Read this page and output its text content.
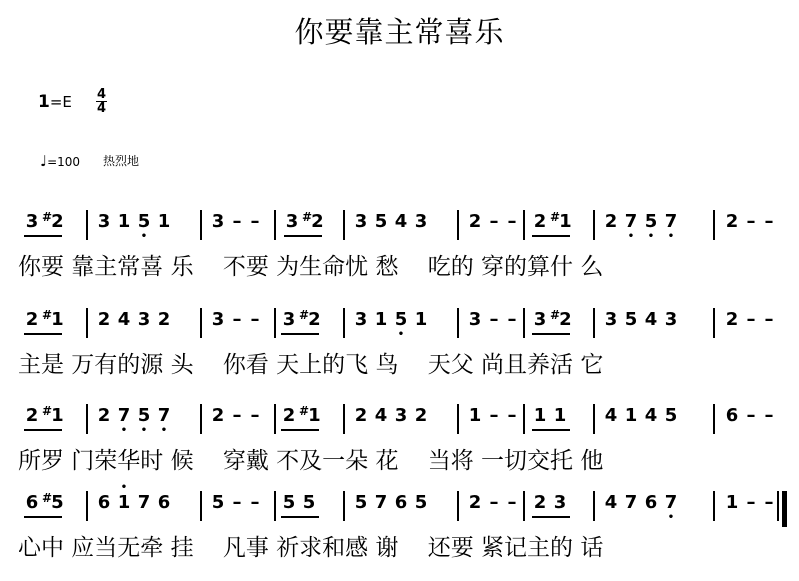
你要靠主常喜乐
$1=E \frac{4}{4}$
♩=100 热烈地
3 #2 3 1 5
•
1 3 – – 3 #2 3 5 4 3 2 – – 2 #1 2 7
•
5
•
7
•
2 – –
你要 靠主常喜 乐    不要 为生命忧 愁    吃的 穿的算什 么
2 #1 2 4 3 2 3 – – 3 #2 3 1 5
•
1 3 – – 3 #2 3 5 4 3	2 – –
主是 万有的源 头    你看 天上的飞 鸟    天父 尚且养活 它
2 #1 2 7
•
5
•
7
•
2 – – 2 #1 2 4 3 2 1 – – 1 1 4 1 4 5	6 – –
所罗 门荣华时 候    穿戴 不及一朵 花    当将 一切交托 他
6 #5 6 1
•
7 6 5 – – 5 5 5 7 6 5 2 – – 2 3 4 7 6 7
•
1 – –
心中 应当无牵 挂    凡事 祈求和感 谢    还要 紧记主的 话
